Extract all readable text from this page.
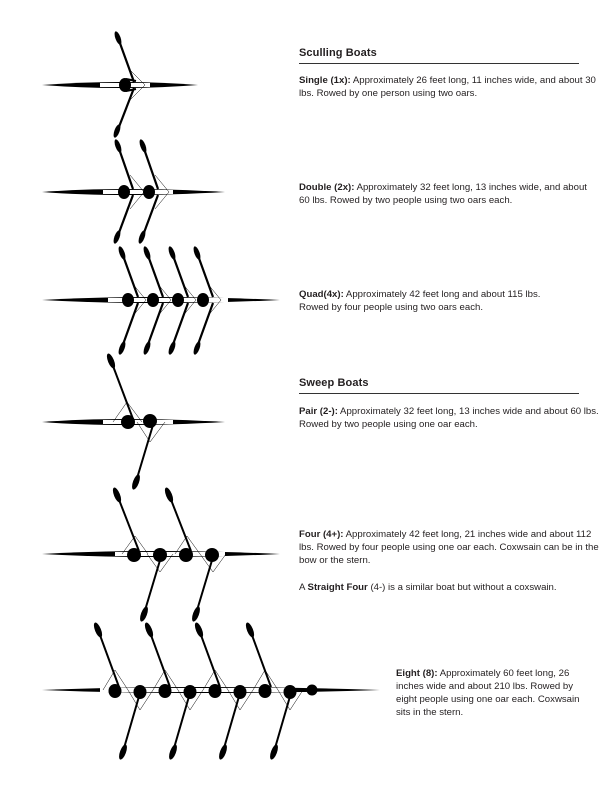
Sculling Boats
Single (1x): Approximately 26 feet long, 11 inches wide, and about 30 lbs. Rowed by one person using two oars.
Double (2x): Approximately 32 feet long, 13 inches wide, and about 60 lbs. Rowed by two people using two oars each.
Quad(4x): Approximately 42 feet long and about 115 lbs. Rowed by four people using two oars each.
Sweep Boats
Pair (2-): Approximately 32 feet long, 13 inches wide and about 60 lbs. Rowed by two people using one oar each.
Four (4+): Approximately 42 feet long, 21 inches wide and about 112 lbs. Rowed by four people using one oar each. Coxwsain can be in the bow or the stern.
A Straight Four (4-) is a similar boat but without a coxswain.
Eight (8): Approximately 60 feet long, 26 inches wide and about 210 lbs. Rowed by eight people using one oar each. Coxwsain sits in the stern.
